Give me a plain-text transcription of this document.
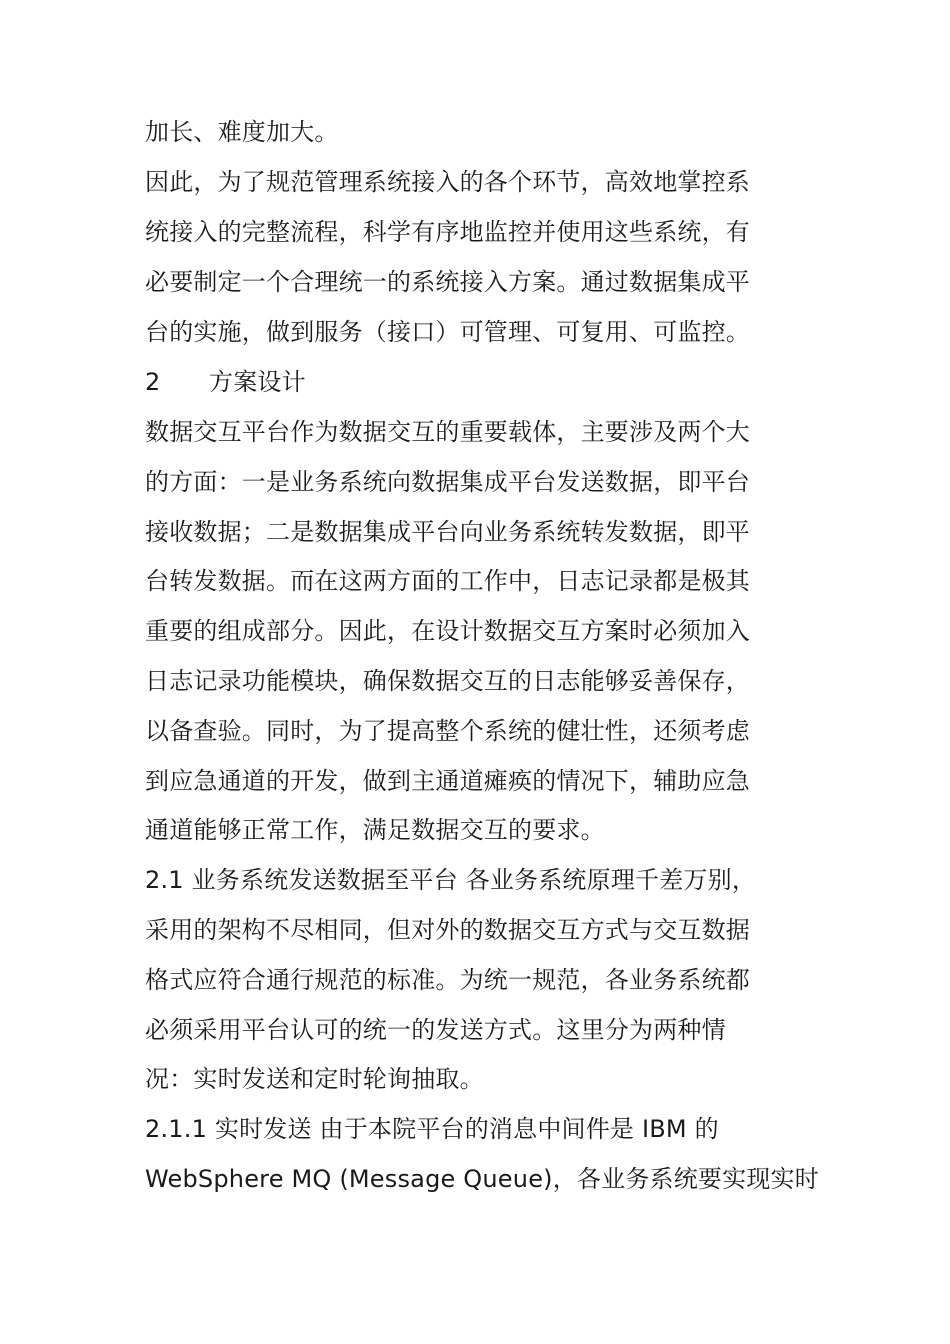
加长、难度加大。
因此，为了规范管理系统接入的各个环节，高效地掌控系
统接入的完整流程，科学有序地监控并使用这些系统，有
必要制定一个合理统一的系统接入方案。通过数据集成平
台的实施，做到服务（接口）可管理、可复用、可监控。
2 方案设计
数据交互平台作为数据交互的重要载体，主要涉及两个大
的方面：一是业务系统向数据集成平台发送数据，即平台
接收数据；二是数据集成平台向业务系统转发数据，即平
台转发数据。而在这两方面的工作中，日志记录都是极其
重要的组成部分。因此，在设计数据交互方案时必须加入
日志记录功能模块，确保数据交互的日志能够妥善保存，
以备查验。同时，为了提高整个系统的健壮性，还须考虑
到应急通道的开发，做到主通道瘫痪的情况下，辅助应急
通道能够正常工作，满足数据交互的要求。
2.1 业务系统发送数据至平台 各业务系统原理千差万别，
采用的架构不尽相同，但对外的数据交互方式与交互数据
格式应符合通行规范的标准。为统一规范，各业务系统都
必须采用平台认可的统一的发送方式。这里分为两种情
况：实时发送和定时轮询抽取。
2.1.1 实时发送 由于本院平台的消息中间件是 IBM 的
WebSphere MQ (Message Queue)，各业务系统要实现实时
